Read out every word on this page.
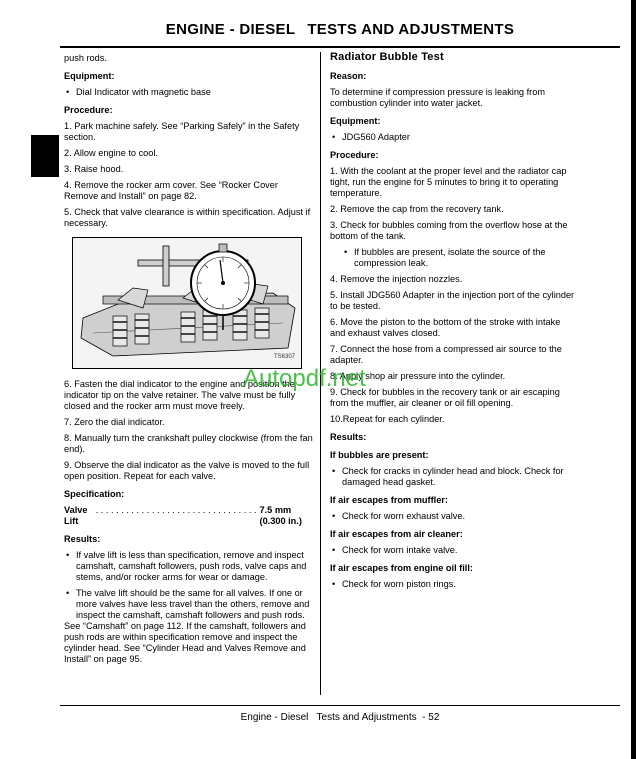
ENGINE - DIESEL TESTS AND ADJUSTMENTS

push rods.

Equipment:

• Dial Indicator with magnetic base

Procedure:

1. Park machine safely. See “Parking Safely” in the Safety section.

2. Allow engine to cool.

3. Raise hood.

4. Remove the rocker arm cover. See “Rocker Cover Remove and Install” on page 82.

5. Check that valve clearance is within specification. Adjust if necessary.

TS6307

6. Fasten the dial indicator to the engine and position the indicator tip on the valve retainer. The valve must be fully closed and the rocker arm must move freely.

7. Zero the dial indicator.

8. Manually turn the crankshaft pulley clockwise (from the fan end).

9. Observe the dial indicator as the valve is moved to the full open position. Repeat for each valve.

Specification:

Valve Lift
. . . . . . . . . . . . . . . . . . . . . . . . . . . . . . . . 7.5 mm (0.300 in.)

Results:

• If valve lift is less than specification, remove and inspect camshaft, camshaft followers, push rods, valve caps and stems, and/or rocker arms for wear or damage.

• The valve lift should be the same for all valves. If one or more valves have less travel than the others, remove and inspect the camshaft, camshaft followers and push rods.

See “Camshaft” on page 112. If the camshaft, followers and push rods are within specification remove and inspect the cylinder head. See “Cylinder Head and Valves Remove and Install” on page 95.

Radiator Bubble Test

Reason:

To determine if compression pressure is leaking from combustion cylinder into water jacket.

Equipment:

• JDG560 Adapter

Procedure:

1. With the coolant at the proper level and the radiator cap tight, run the engine for 5 minutes to bring it to operating temperature.

2. Remove the cap from the recovery tank.

3. Check for bubbles coming from the overflow hose at the bottom of the tank.

• If bubbles are present, isolate the source of the compression leak.

4. Remove the injection nozzles.

5. Install JDG560 Adapter in the injection port of the cylinder to be tested.

6. Move the piston to the bottom of the stroke with intake and exhaust valves closed.

7. Connect the hose from a compressed air source to the adapter.

8. Apply shop air pressure into the cylinder.

9. Check for bubbles in the recovery tank or air escaping from the muffler, air cleaner or oil fill opening.

10.Repeat for each cylinder.

Results:

If bubbles are present:

• Check for cracks in cylinder head and block. Check for damaged head gasket.

If air escapes from muffler:

• Check for worn exhaust valve.

If air escapes from air cleaner:

• Check for worn intake valve.

If air escapes from engine oil fill:

• Check for worn piston rings.

Autopdf.net
Engine - Diesel   Tests and Adjustments  - 52
